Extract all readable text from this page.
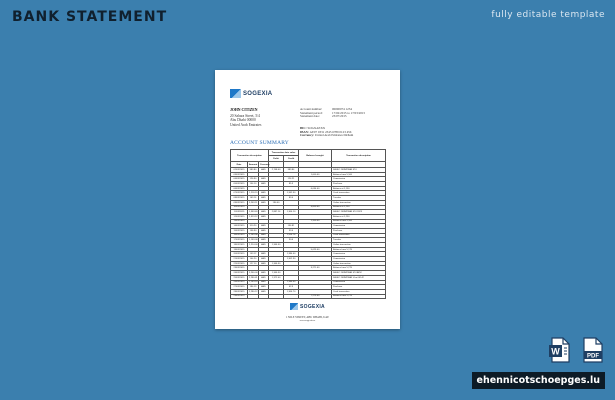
BANK STATEMENT	fully editable template
SOGEXIA
JOHN CITIZEN
20 Sahara Street, 5/4
Abu Dhabi 00000
United Arab Emirates
Account number:	00000074 1234
Statement period:	17/02/2015 to 17/03/2015
Statement date:	23/07/2015
BIC: SOGXAEXX
IBAN: AE07 0331 2345 6789 0123 456
Currency: United Arab Emirates Dirham
ACCOUNT SUMMARY
Transaction description			Transaction date value		Balance brought	Transaction description
			Debit	Credit		
Date	Amount	Currency				
02/03/2015	983.80	AED	2,748.00	383.84		ZALEC DRIMTRAN 074
03/03/2015					1,000.00	Balance from 5,100
04/03/2015	126.90	AED		124.21		Commission
05/03/2015	154.10	AED		85.3		Purchase
06/03/2015					6,034.00	Balance at 1,150
07/03/2015	1,218.15	AED		1,342.50		Cash transaction
08/03/2015	163.14	AED		83.0		Transfer
09/03/2015	3,263.11	AED	194.00			Online transaction
10/03/2015					4,000.00	Balance at 1,250
11/03/2015	1,363.40	AED	2,887.14	1,304.10		ZALEC DRIMTRAN 074 2023
12/03/2015	1,313.12	AED				Balance at 1,250
13/03/2015					1,200.00	Balance from 5,100
14/03/2015	310.20	AED		134.81		Commission
15/03/2015	156.30	AED		33.0		Purchase
16/03/2015	1,283.98	AED		1,204.76		Cash transaction
17/03/2015	1,163.00	AED		30.0		Transfer
18/03/2015	1,214.00	AED	1,346.50			Online transaction
19/03/2015					5,023.00	Balance from 5,175
20/03/2015	153.12	AED		1,384.00		Commission
21/03/2015	144.20	AED		1,302.30		Commission
22/03/2015	127.10	AED	1,346.50			Online transaction
23/03/2015					3,271.00	Balance from 5,275
24/03/2015	3,260.00	AED	1,346.50			ZALEC DRIMTRAN 074 ATM
25/03/2015	2,280.41	AED	1,372.00			ZALEC DRIMTRAN Visa 00142
26/03/2015	1,143.10	AED		1,384.00		Commission
27/03/2015	194.13	AED		62.3		Purchase
28/03/2015	2,280.12	AED		1,304.70		Cash transaction
29/03/2015					7,273.00	Balance from 5,275
SOGEXIA
1 NILE STREET, ABU DHABI, UAE
www.sogexia.ae
W	PDF
ehennicotschoepges.lu
